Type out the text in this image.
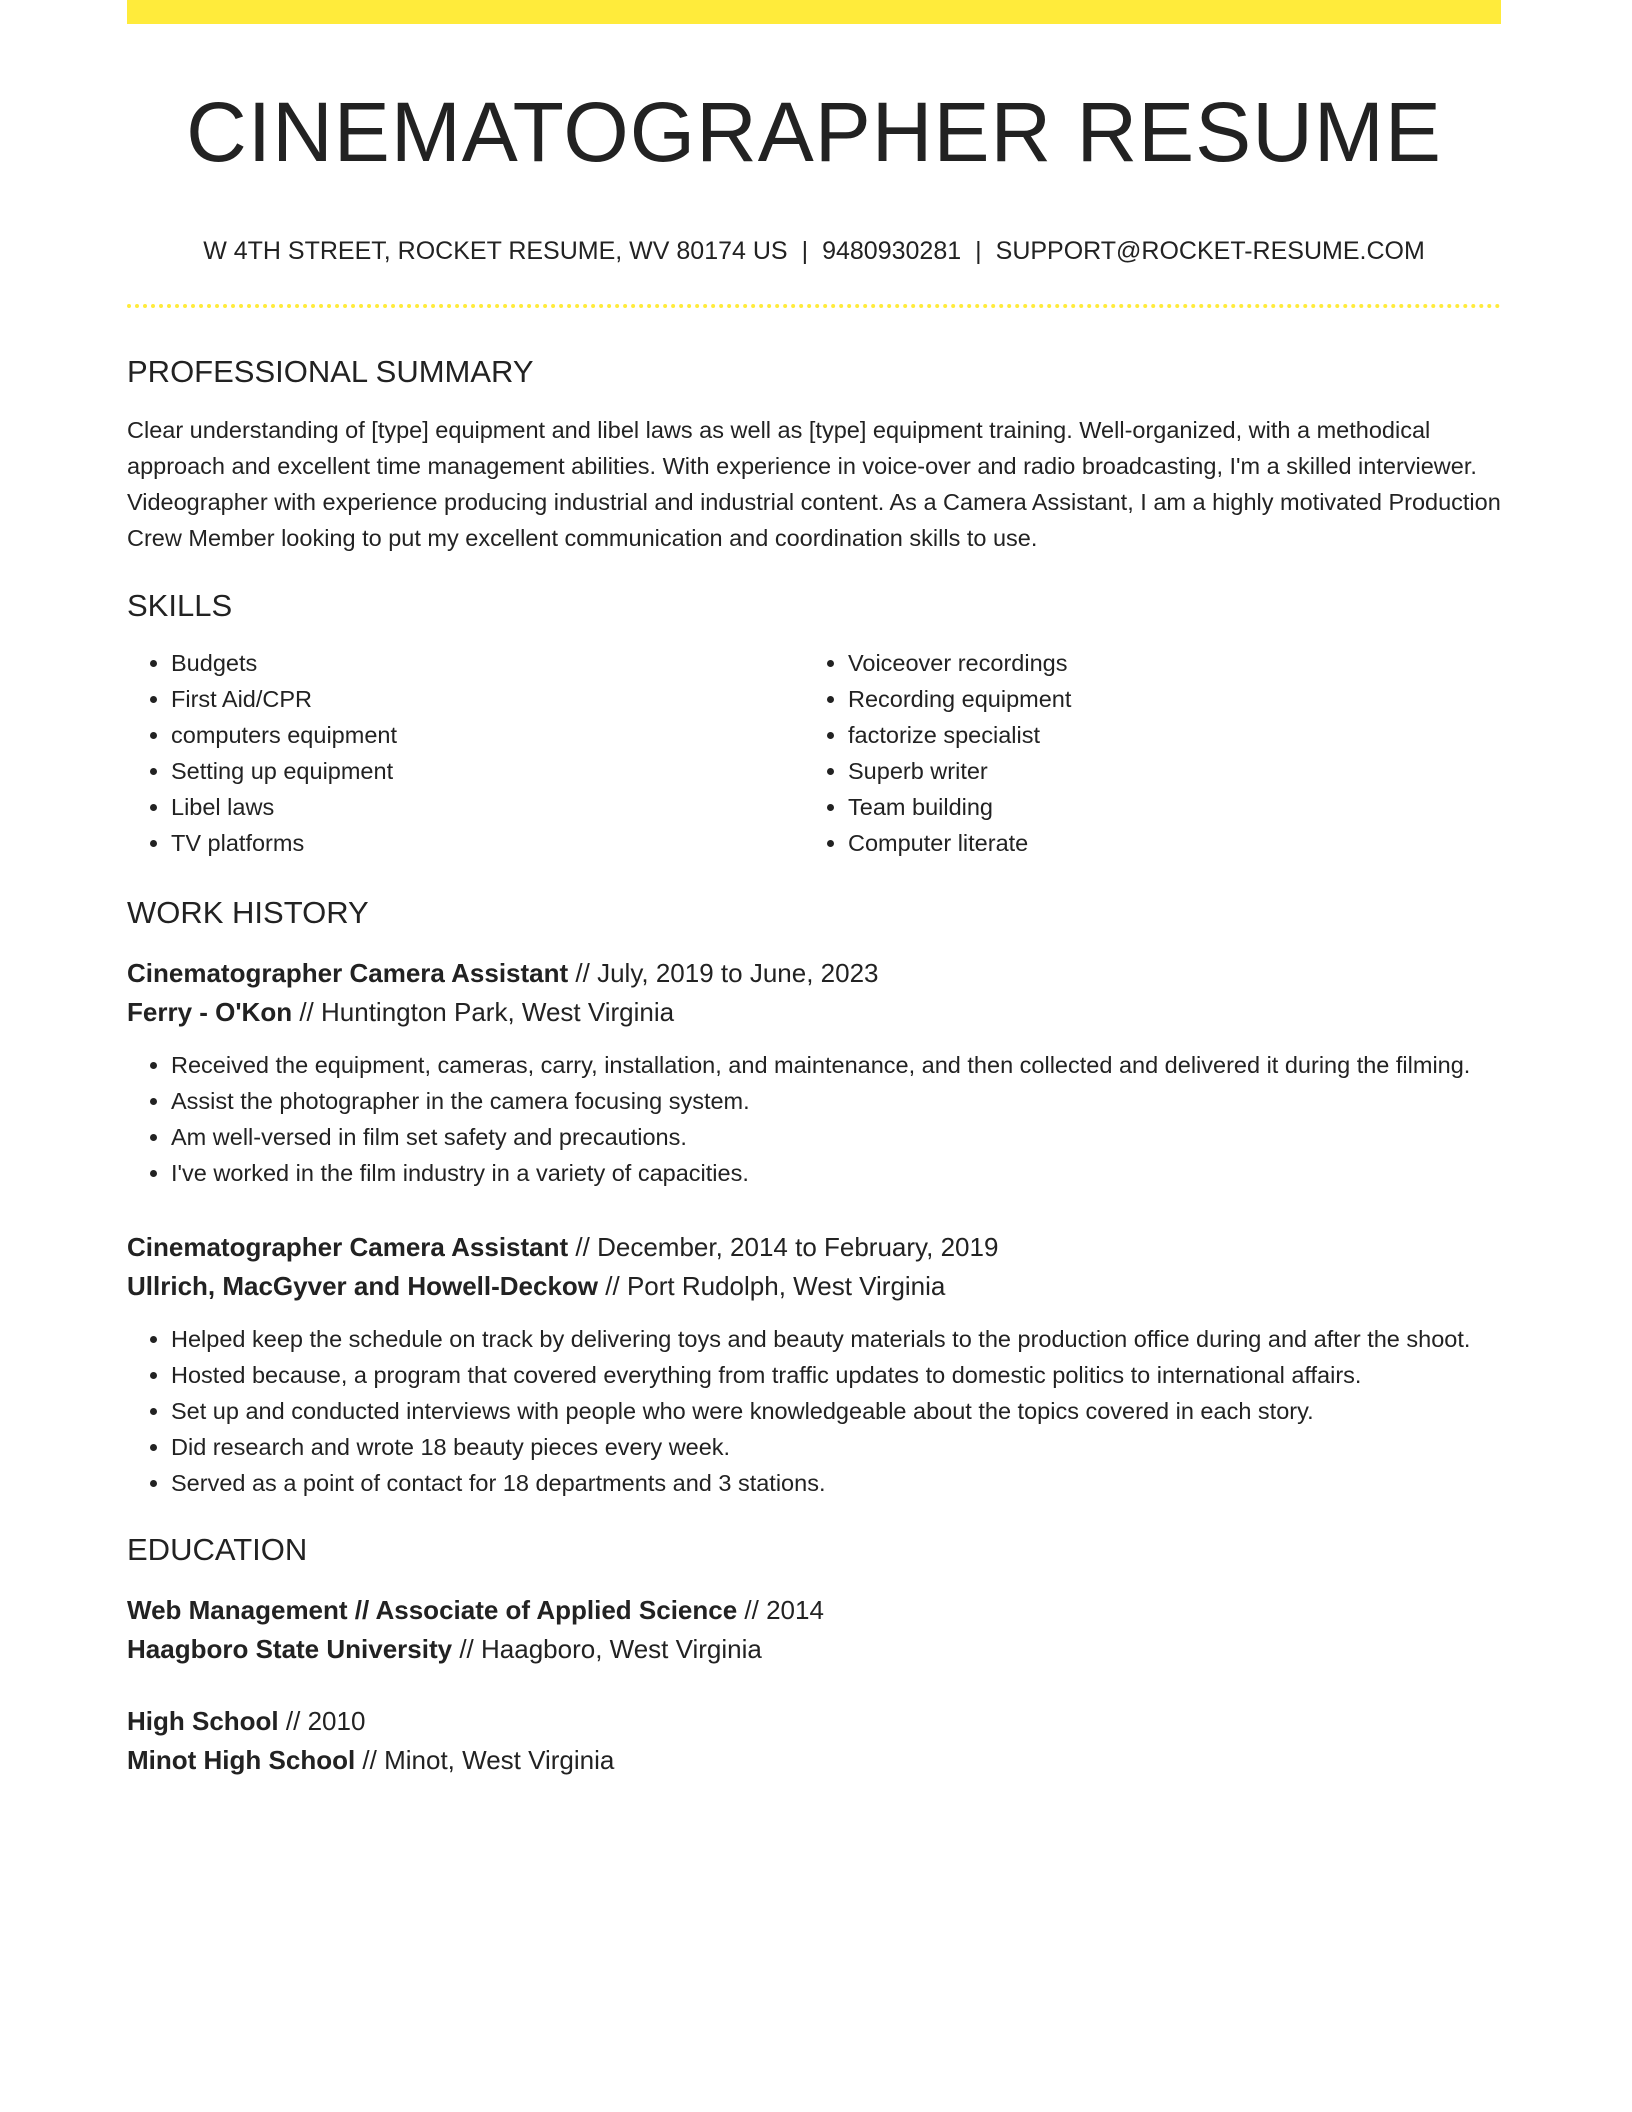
CINEMATOGRAPHER RESUME
W 4TH STREET, ROCKET RESUME, WV 80174 US | 9480930281 | SUPPORT@ROCKET-RESUME.COM
PROFESSIONAL SUMMARY
Clear understanding of [type] equipment and libel laws as well as [type] equipment training. Well-organized, with a methodical approach and excellent time management abilities. With experience in voice-over and radio broadcasting, I'm a skilled interviewer. Videographer with experience producing industrial and industrial content. As a Camera Assistant, I am a highly motivated Production Crew Member looking to put my excellent communication and coordination skills to use.
SKILLS
• Budgets
• First Aid/CPR
• computers equipment
• Setting up equipment
• Libel laws
• TV platforms
• Voiceover recordings
• Recording equipment
• factorize specialist
• Superb writer
• Team building
• Computer literate
WORK HISTORY
Cinematographer Camera Assistant // July, 2019 to June, 2023
Ferry - O'Kon // Huntington Park, West Virginia
• Received the equipment, cameras, carry, installation, and maintenance, and then collected and delivered it during the filming.
• Assist the photographer in the camera focusing system.
• Am well-versed in film set safety and precautions.
• I've worked in the film industry in a variety of capacities.
Cinematographer Camera Assistant // December, 2014 to February, 2019
Ullrich, MacGyver and Howell-Deckow // Port Rudolph, West Virginia
• Helped keep the schedule on track by delivering toys and beauty materials to the production office during and after the shoot.
• Hosted because, a program that covered everything from traffic updates to domestic politics to international affairs.
• Set up and conducted interviews with people who were knowledgeable about the topics covered in each story.
• Did research and wrote 18 beauty pieces every week.
• Served as a point of contact for 18 departments and 3 stations.
EDUCATION
Web Management // Associate of Applied Science // 2014
Haagboro State University // Haagboro, West Virginia
High School // 2010
Minot High School // Minot, West Virginia
